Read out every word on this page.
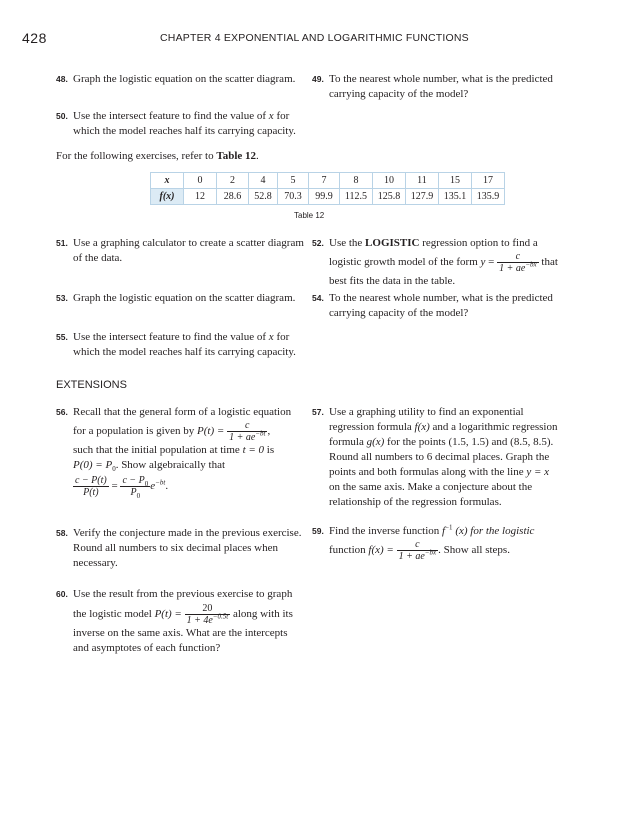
428	CHAPTER 4 EXPONENTIAL AND LOGARITHMIC FUNCTIONS
48. Graph the logistic equation on the scatter diagram. 49. To the nearest whole number, what is the predicted
carrying capacity of the model?
50. Use the intersect feature to find the value of x for
which the model reaches half its carrying capacity.
For the following exercises, refer to Table 12.
x	0	2	4	5	7	8	10	11	15	17
f(x)	12	28.6	52.8	70.3	99.9	112.5	125.8	127.9	135.1	135.9
Table 12
51. Use a graphing calculator to create a scatter diagram
of the data.
52. Use the LOGISTIC regression option to find a
logistic growth model of the form $y = \frac{c}{1 + ae^{-bx}}$ that
best fits the data in the table.
53. Graph the logistic equation on the scatter diagram. 54. To the nearest whole number, what is the predicted
carrying capacity of the model?
55. Use the intersect feature to find the value of x for
which the model reaches half its carrying capacity.
EXTENSIONS
56. Recall that the general form of a logistic equation
for a population is given by $P(t) = \frac{c}{1 + ae^{-bt}}$ ,
such that the initial population at time t = 0 is
$P(0) = P_0$. Show algebraically that
$\frac{c - P(t)}{P(t)} = \frac{c - P_0}{P_0} e^{-bt}$.
57. Use a graphing utility to find an exponential
regression formula f(x) and a logarithmic regression
formula g(x) for the points (1.5, 1.5) and (8.5, 8.5).
Round all numbers to 6 decimal places. Graph the
points and both formulas along with the line y = x
on the same axis. Make a conjecture about the
relationship of the regression formulas.
58. Verify the conjecture made in the previous exercise.
Round all numbers to six decimal places when
necessary.
59. Find the inverse function $f^{-1}$ (x) for the logistic
function $f(x) = \frac{c}{1 + ae^{-bx}}$ . Show all steps.
60. Use the result from the previous exercise to graph
the logistic model $P(t) = \frac{20}{1 + 4e^{-0.5t}}$ along with its
inverse on the same axis. What are the intercepts
and asymptotes of each function?
